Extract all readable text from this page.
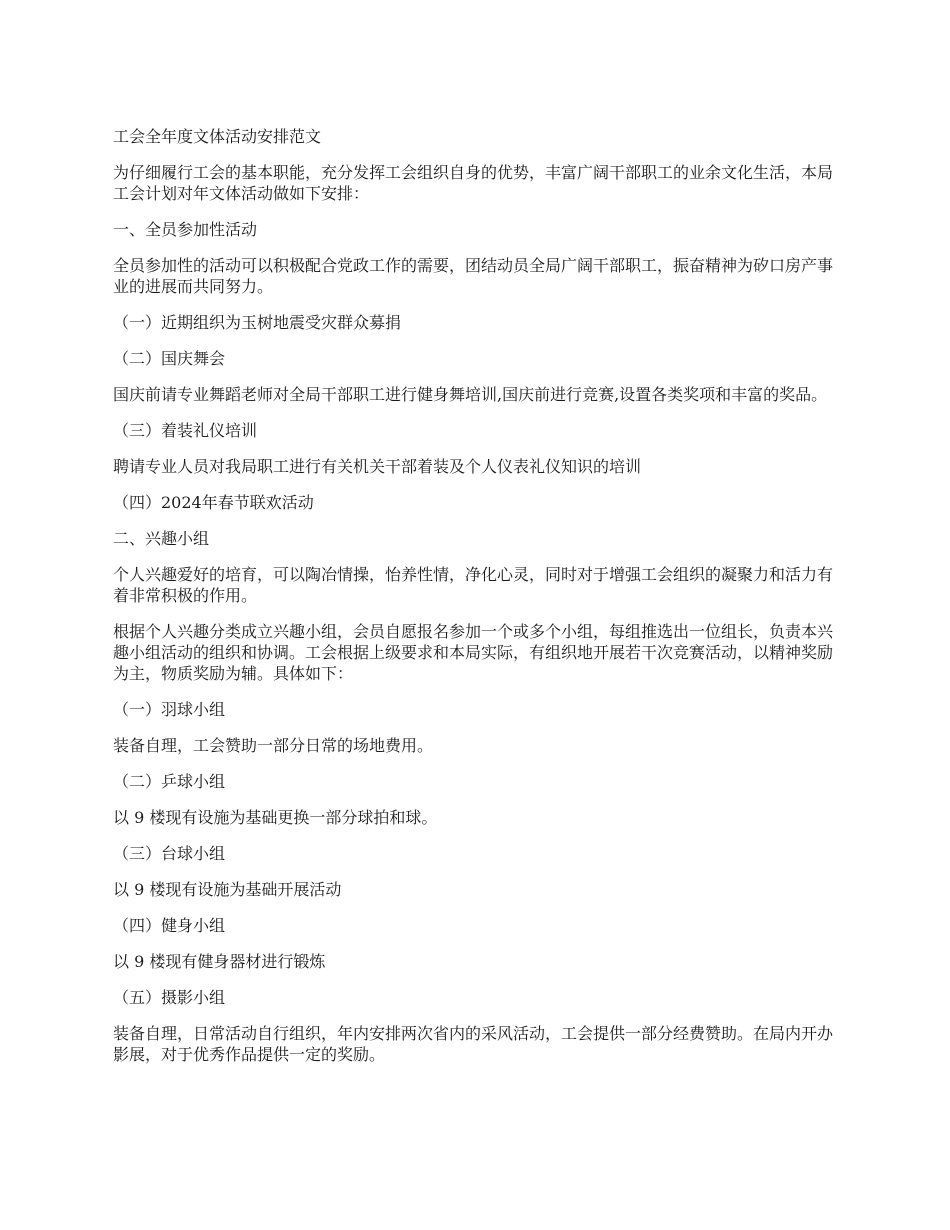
工会全年度文体活动安排范文

为仔细履行工会的基本职能，充分发挥工会组织自身的优势，丰富广阔干部职工的业余文化生活，本局工会计划对年文体活动做如下安排：

一、全员参加性活动

全员参加性的活动可以积极配合党政工作的需要，团结动员全局广阔干部职工，振奋精神为矽口房产事业的进展而共同努力。

（一）近期组织为玉树地震受灾群众募捐

（二）国庆舞会

国庆前请专业舞蹈老师对全局干部职工进行健身舞培训,国庆前进行竞赛,设置各类奖项和丰富的奖品。

（三）着装礼仪培训

聘请专业人员对我局职工进行有关机关干部着装及个人仪表礼仪知识的培训

（四）2024年春节联欢活动

二、兴趣小组

个人兴趣爱好的培育，可以陶冶情操，怡养性情，净化心灵，同时对于增强工会组织的凝聚力和活力有着非常积极的作用。

根据个人兴趣分类成立兴趣小组，会员自愿报名参加一个或多个小组，每组推选出一位组长，负责本兴趣小组活动的组织和协调。工会根据上级要求和本局实际，有组织地开展若干次竞赛活动，以精神奖励为主，物质奖励为辅。具体如下：

（一）羽球小组

装备自理，工会赞助一部分日常的场地费用。

（二）乒球小组

以 9 楼现有设施为基础更换一部分球拍和球。

（三）台球小组

以 9 楼现有设施为基础开展活动

（四）健身小组

以 9 楼现有健身器材进行锻炼

（五）摄影小组

装备自理，日常活动自行组织，年内安排两次省内的采风活动，工会提供一部分经费赞助。在局内开办影展，对于优秀作品提供一定的奖励。
